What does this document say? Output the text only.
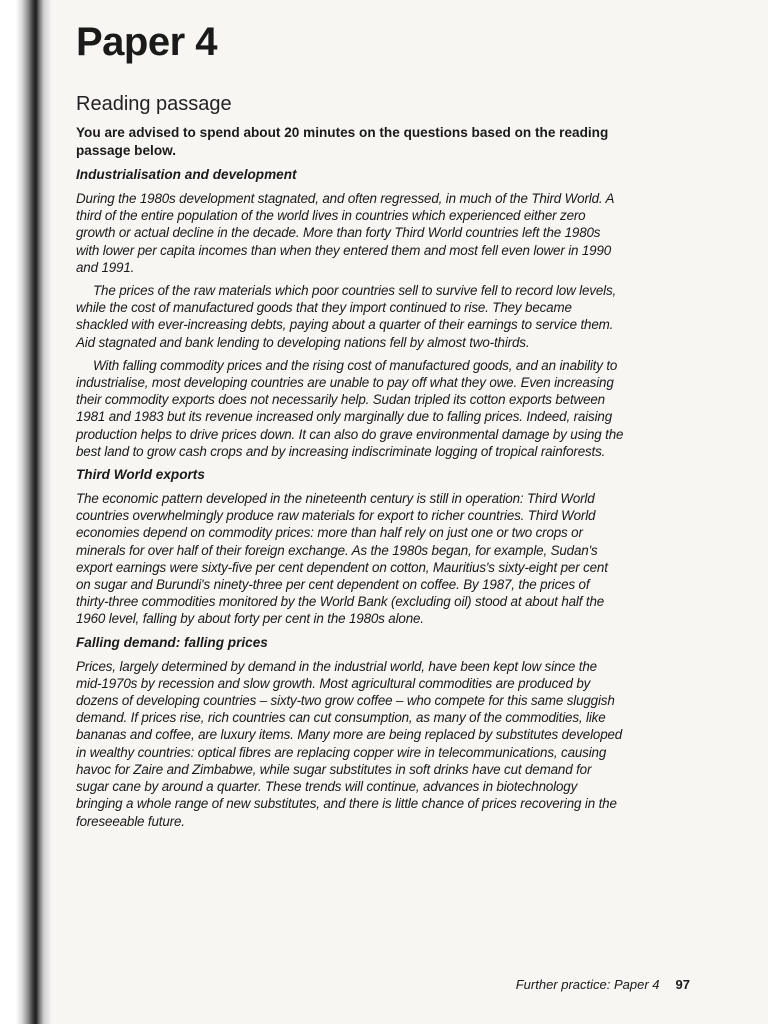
Paper 4
Reading passage

You are advised to spend about 20 minutes on the questions based on the reading passage below.

Industrialisation and development

During the 1980s development stagnated, and often regressed, in much of the Third World. A third of the entire population of the world lives in countries which experienced either zero growth or actual decline in the decade. More than forty Third World countries left the 1980s with lower per capita incomes than when they entered them and most fell even lower in 1990 and 1991.

The prices of the raw materials which poor countries sell to survive fell to record low levels, while the cost of manufactured goods that they import continued to rise. They became shackled with ever-increasing debts, paying about a quarter of their earnings to service them. Aid stagnated and bank lending to developing nations fell by almost two-thirds.

With falling commodity prices and the rising cost of manufactured goods, and an inability to industrialise, most developing countries are unable to pay off what they owe. Even increasing their commodity exports does not necessarily help. Sudan tripled its cotton exports between 1981 and 1983 but its revenue increased only marginally due to falling prices. Indeed, raising production helps to drive prices down. It can also do grave environmental damage by using the best land to grow cash crops and by increasing indiscriminate logging of tropical rainforests.

Third World exports

The economic pattern developed in the nineteenth century is still in operation: Third World countries overwhelmingly produce raw materials for export to richer countries. Third World economies depend on commodity prices: more than half rely on just one or two crops or minerals for over half of their foreign exchange. As the 1980s began, for example, Sudan's export earnings were sixty-five per cent dependent on cotton, Mauritius's sixty-eight per cent on sugar and Burundi's ninety-three per cent dependent on coffee. By 1987, the prices of thirty-three commodities monitored by the World Bank (excluding oil) stood at about half the 1960 level, falling by about forty per cent in the 1980s alone.

Falling demand: falling prices

Prices, largely determined by demand in the industrial world, have been kept low since the mid-1970s by recession and slow growth. Most agricultural commodities are produced by dozens of developing countries – sixty-two grow coffee – who compete for this same sluggish demand. If prices rise, rich countries can cut consumption, as many of the commodities, like bananas and coffee, are luxury items. Many more are being replaced by substitutes developed in wealthy countries: optical fibres are replacing copper wire in telecommunications, causing havoc for Zaire and Zimbabwe, while sugar substitutes in soft drinks have cut demand for sugar cane by around a quarter. These trends will continue, advances in biotechnology bringing a whole range of new substitutes, and there is little chance of prices recovering in the foreseeable future.

Further practice: Paper 4 97
